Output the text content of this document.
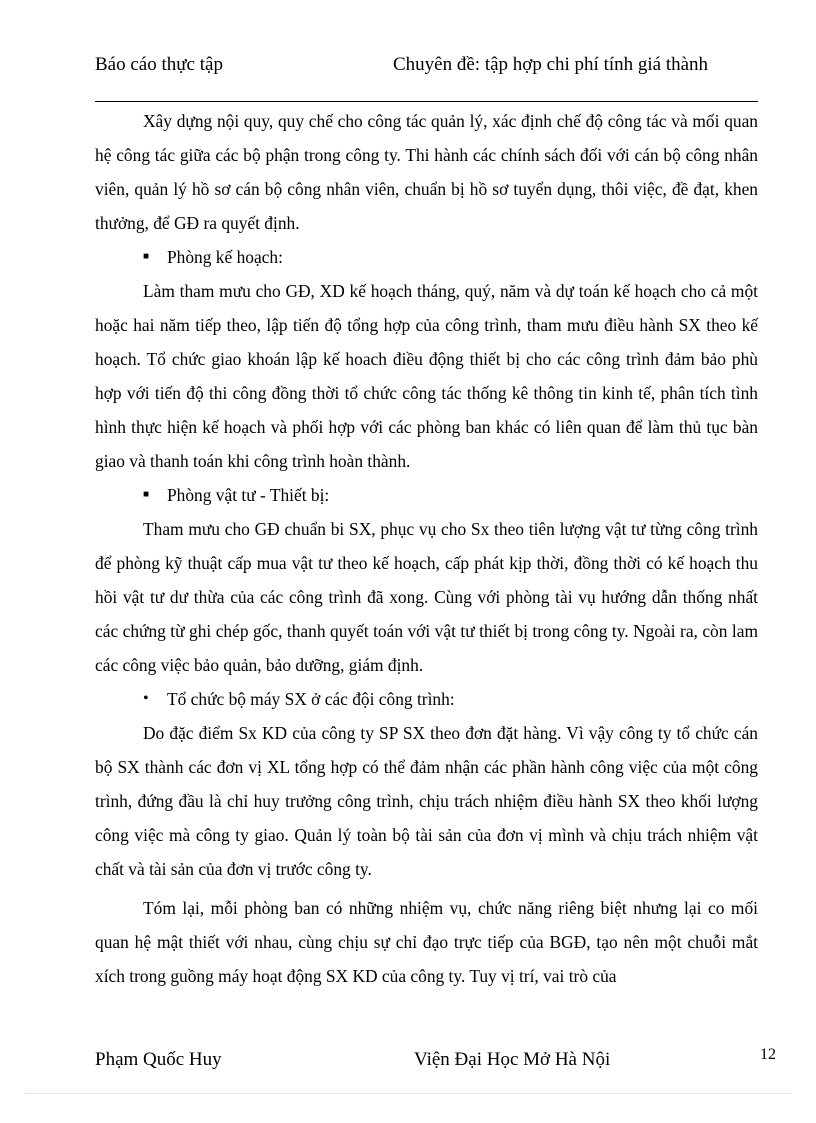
Báo cáo thực tập	Chuyên đề: tập hợp chi phí tính giá thành

Xây dựng nội quy, quy chế cho công tác quản lý, xác định chế độ công tác và mối quan hệ công tác giữa các bộ phận trong công ty. Thi hành các chính sách đối với cán bộ công nhân viên, quản lý hồ sơ cán bộ công nhân viên, chuẩn bị hồ sơ tuyển dụng, thôi việc, đề đạt, khen thưởng, để GĐ ra quyết định.

■	Phòng kế hoạch:

Làm tham mưu cho GĐ, XD kế hoạch tháng, quý, năm và dự toán kế hoạch cho cả một hoặc hai năm tiếp theo, lập tiến độ tổng hợp của công trình, tham mưu điều hành SX theo kế hoạch. Tổ chức giao khoán lập kế hoach điều động thiết bị cho các công trình đảm bảo phù hợp với tiến độ thi công đồng thời tổ chức công tác thống kê thông tin kinh tế, phân tích tình hình thực hiện kế hoạch và phối hợp với các phòng ban khác có liên quan để làm thủ tục bàn giao và thanh toán khi công trình hoàn thành.

■	Phòng vật tư - Thiết bị:

Tham mưu cho GĐ chuẩn bi SX, phục vụ cho Sx theo tiên lượng vật tư từng công trình để phòng kỹ thuật cấp mua vật tư theo kế hoạch, cấp phát kịp thời, đồng thời có kế hoạch thu hồi vật tư dư thừa của các công trình đã xong. Cùng với phòng tài vụ hướng dẫn thống nhất các chứng từ ghi chép gốc, thanh quyết toán với vật tư thiết bị trong công ty. Ngoài ra, còn lam các công việc bảo quản, bảo dưỡng, giám định.

•	Tổ chức bộ máy SX ở các đội công trình:

Do đặc điểm Sx KD của công ty SP SX theo đơn đặt hàng. Vì vậy công ty tổ chức cán bộ SX thành các đơn vị XL tổng hợp có thể đảm nhận các phần hành công việc của một công trình, đứng đầu là chỉ huy trưởng công trình, chịu trách nhiệm điều hành SX theo khối lượng công việc mà công ty giao. Quản lý toàn bộ tài sản của đơn vị mình và chịu trách nhiệm vật chất và tài sản của đơn vị trước công ty.

Tóm lại, mỗi phòng ban có những nhiệm vụ, chức năng riêng biệt nhưng lại co mối quan hệ mật thiết với nhau, cùng chịu sự chỉ đạo trực tiếp của BGĐ, tạo nên một chuỗi mắt xích trong guồng máy hoạt động SX KD của công ty. Tuy vị trí, vai trò của

Phạm Quốc Huy	Viện Đại Học Mở Hà Nội	12
